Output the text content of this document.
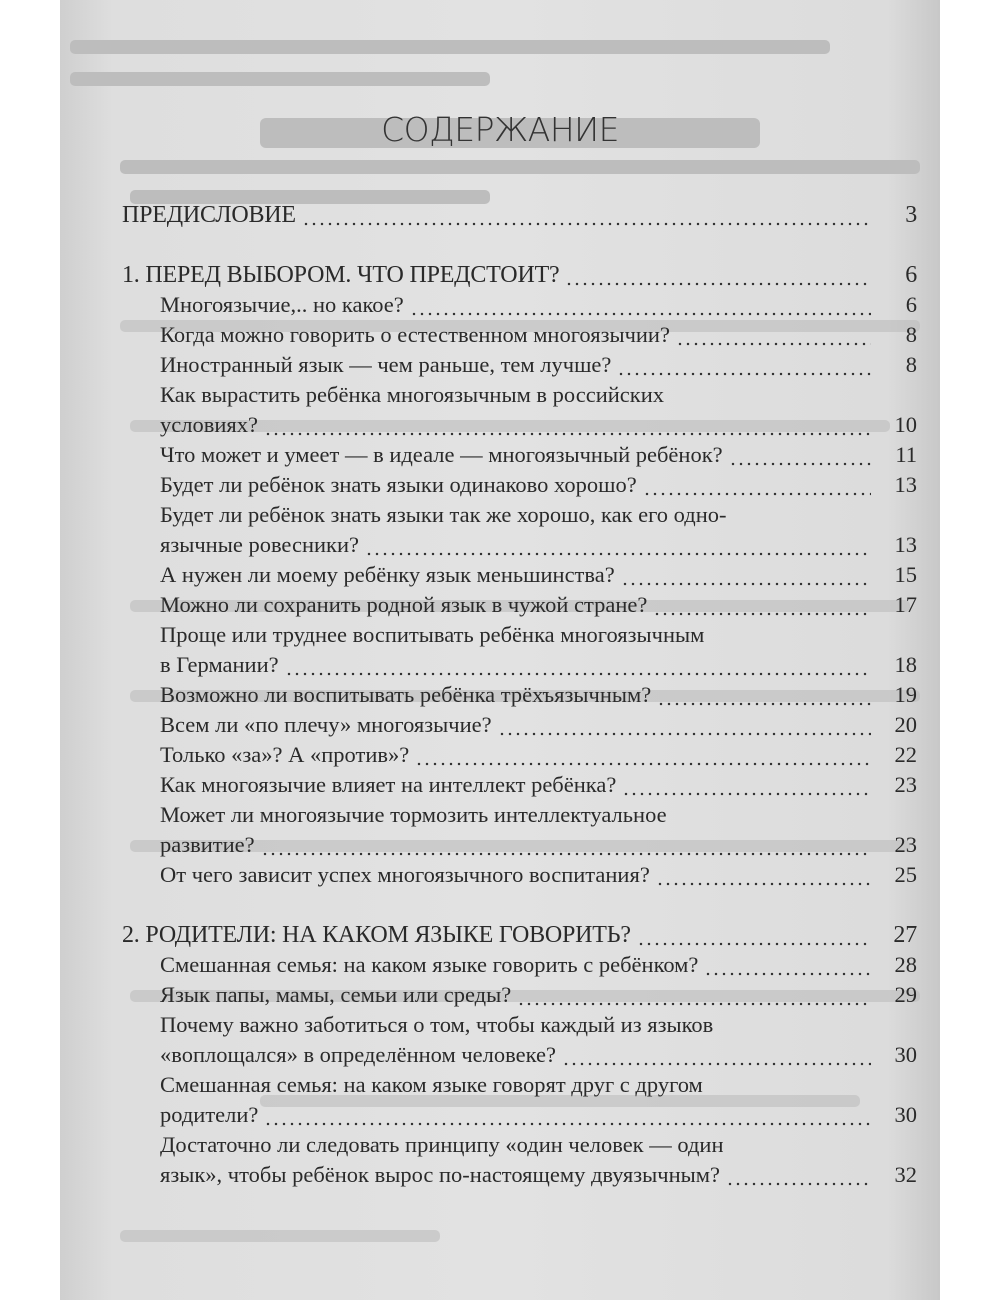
СОДЕРЖАНИЕ
ПРЕДИСЛОВИЕ	3
1. ПЕРЕД ВЫБОРОМ. ЧТО ПРЕДСТОИТ?	6
Многоязычие,.. но какое?	6
Когда можно говорить о естественном многоязычии?	8
Иностранный язык — чем раньше, тем лучше?	8
Как вырастить ребёнка многоязычным в российских
условиях?	10
Что может и умеет — в идеале — многоязычный ребёнок?	11
Будет ли ребёнок знать языки одинаково хорошо?	13
Будет ли ребёнок знать языки так же хорошо, как его одно-
язычные ровесники?	13
А нужен ли моему ребёнку язык меньшинства?	15
Можно ли сохранить родной язык в чужой стране?	17
Проще или труднее воспитывать ребёнка многоязычным
в Германии?	18
Возможно ли воспитывать ребёнка трёхъязычным?	19
Всем ли «по плечу» многоязычие?	20
Только «за»? А «против»?	22
Как многоязычие влияет на интеллект ребёнка?	23
Может ли многоязычие тормозить интеллектуальное
развитие?	23
От чего зависит успех многоязычного воспитания?	25
2. РОДИТЕЛИ: НА КАКОМ ЯЗЫКЕ ГОВОРИТЬ?	27
Смешанная семья: на каком языке говорить с ребёнком?	28
Язык папы, мамы, семьи или среды?	29
Почему важно заботиться о том, чтобы каждый из языков
«воплощался» в определённом человеке?	30
Смешанная семья: на каком языке говорят друг с другом
родители?	30
Достаточно ли следовать принципу «один человек — один
язык», чтобы ребёнок вырос по-настоящему двуязычным?	32
